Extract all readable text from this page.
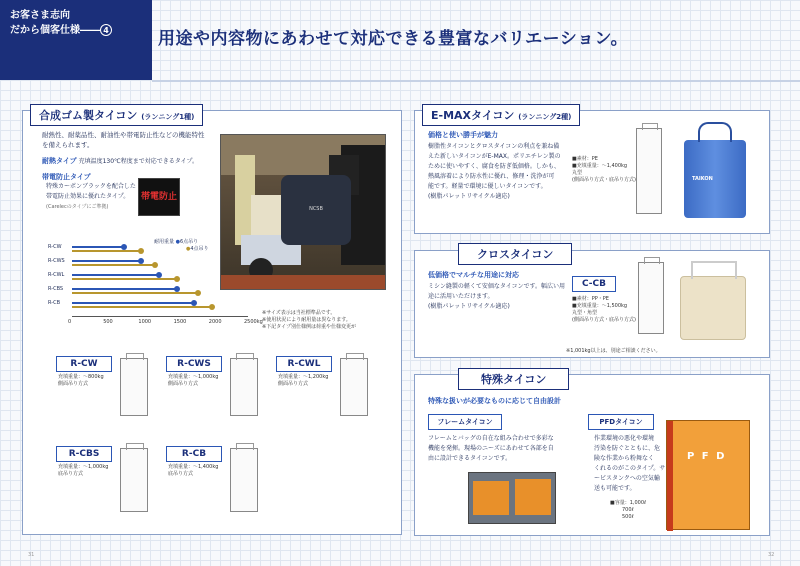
お客さま志向
だから個客仕様―― 4	用途や内容物にあわせて対応できる豊富なバリエーション。
合成ゴム製タイコン (ランニング1種)
耐熱性、耐薬品性、耐油性や帯電防止性などの機能特性
を備えられます。
耐熱タイプ 充填温度130℃程度まで対応できるタイプ。
帯電防止タイプ
特殊カーボンブラックを配合した
帯電防止効果に優れたタイプ。
(Carelecのタイプにご準拠)
帯電防止
NCSB
耐用重量 ●6点吊り
●4点吊り
R-CW
R-CWS
R-CWL
R-CBS
R-CB
0	500	1000	1500	2000	2500kg
※サイズ表示は当社標準品です。
※使用状況により耐用量は異なります。
※下記タイプ別仕様例は荷重や仕様変更が
R-CW
充填重量：〜800kg
側面吊り方式
R-CWS
充填重量：〜1,000kg
側面吊り方式
R-CWL
充填重量：〜1,200kg
側面吊り方式
R-CBS
充填重量：〜1,000kg
底吊り方式
R-CB
充填重量：〜1,400kg
底吊り方式
E-MAXタイコン (ランニング2種)
価格と使い勝手が魅力
樹脂性タイコンとクロスタイコンの利点を兼ね備
えた新しいタイコンがE-MAX。ポリエチレン製の
ために使いやすく、腐食を防ぎ低価格。しかも、
熱風溶着により防水性に優れ、修理・洗浄が可
能です。軽量で環境に優しいタイコンです。
(樹脂パレットリサイクル適応)
■素材：PE
■充填重量：〜1,400kg
丸型
(側面吊り方式・底吊り方式)	TAIKON
クロスタイコン
低価格でマルチな用途に対応
ミシン縫製の軽くて安価なタイコンです。幅広い用
途に活用いただけます。
(樹脂パレットリサイクル適応)
C-CB
■素材：PP・PE
■充填重量：〜1,500kg
丸型・角型
(側面吊り方式・底吊り方式)
※1,001kg以上は、別途ご相談ください。
特殊タイコン
特殊な扱いが必要なものに応じて自由設計
フレームタイコン
フレームとバッグの自在な組み合わせで多彩な
機能を発揮。現場のニーズにあわせて各部を自
由に設計できるタイコンです。
PFDタイコン
作業環境の悪化や環境
汚染を防ぐとともに、危
険な作業から粉舞なく
くれるのがこのタイプ。サ
ービスタンクへの空気輸
送も可能です。
■容量：1,000ℓ
700ℓ
500ℓ
P F D
31	32
